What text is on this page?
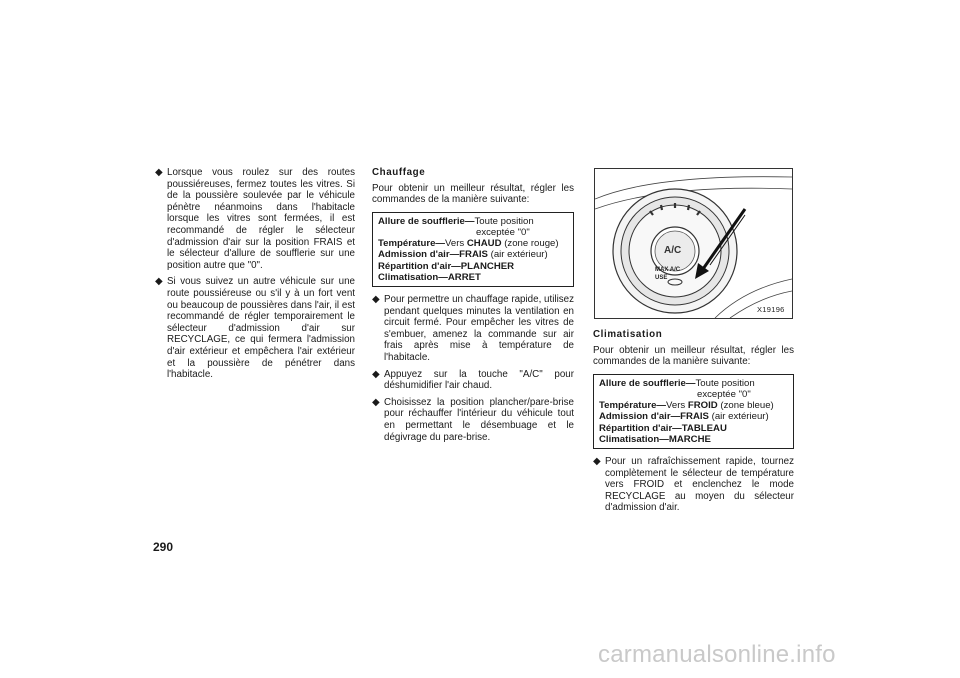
◆ Lorsque vous roulez sur des routes poussiéreuses, fermez toutes les vitres. Si de la poussière soulevée par le véhicule pénètre néanmoins dans l'habitacle lorsque les vitres sont fermées, il est recommandé de régler le sélecteur d'admission d'air sur la position FRAIS et le sélecteur d'allure de soufflerie sur une position autre que "0".
◆ Si vous suivez un autre véhicule sur une route poussiéreuse ou s'il y à un fort vent ou beaucoup de poussières dans l'air, il est recommandé de régler temporairement le sélecteur d'admission d'air sur RECYCLAGE, ce qui fermera l'admission d'air extérieur et empêchera l'air extérieur et la poussière de pénétrer dans l'habitacle.

Chauffage

Pour obtenir un meilleur résultat, régler les commandes de la manière suivante:

Allure de soufflerie—Toute position
exceptée "0"
Température—Vers CHAUD (zone rouge)
Admission d'air—FRAIS (air extérieur)
Répartition d'air—PLANCHER
Climatisation—ARRET
◆ Pour permettre un chauffage rapide, utilisez pendant quelques minutes la ventilation en circuit fermé. Pour empêcher les vitres de s'embuer, amenez la commande sur air frais après mise à température de l'habitacle.
◆ Appuyez sur la touche "A/C" pour déshumidifier l'air chaud.
◆ Choisissez la position plancher/pare-brise pour réchauffer l'intérieur du véhicule tout en permettant le désembuage et le dégivrage du pare-brise.
A/C
MAX A/C
USE
X19196

Climatisation

Pour obtenir un meilleur résultat, régler les commandes de la manière suivante:

Allure de soufflerie—Toute position
exceptée "0"
Température—Vers FROID (zone bleue)
Admission d'air—FRAIS (air extérieur)
Répartition d'air—TABLEAU
Climatisation—MARCHE
◆ Pour un rafraîchissement rapide, tournez complètement le sélecteur de température vers FROID et enclenchez le mode RECYCLAGE au moyen du sélecteur d'admission d'air.
290
carmanualsonline.info
